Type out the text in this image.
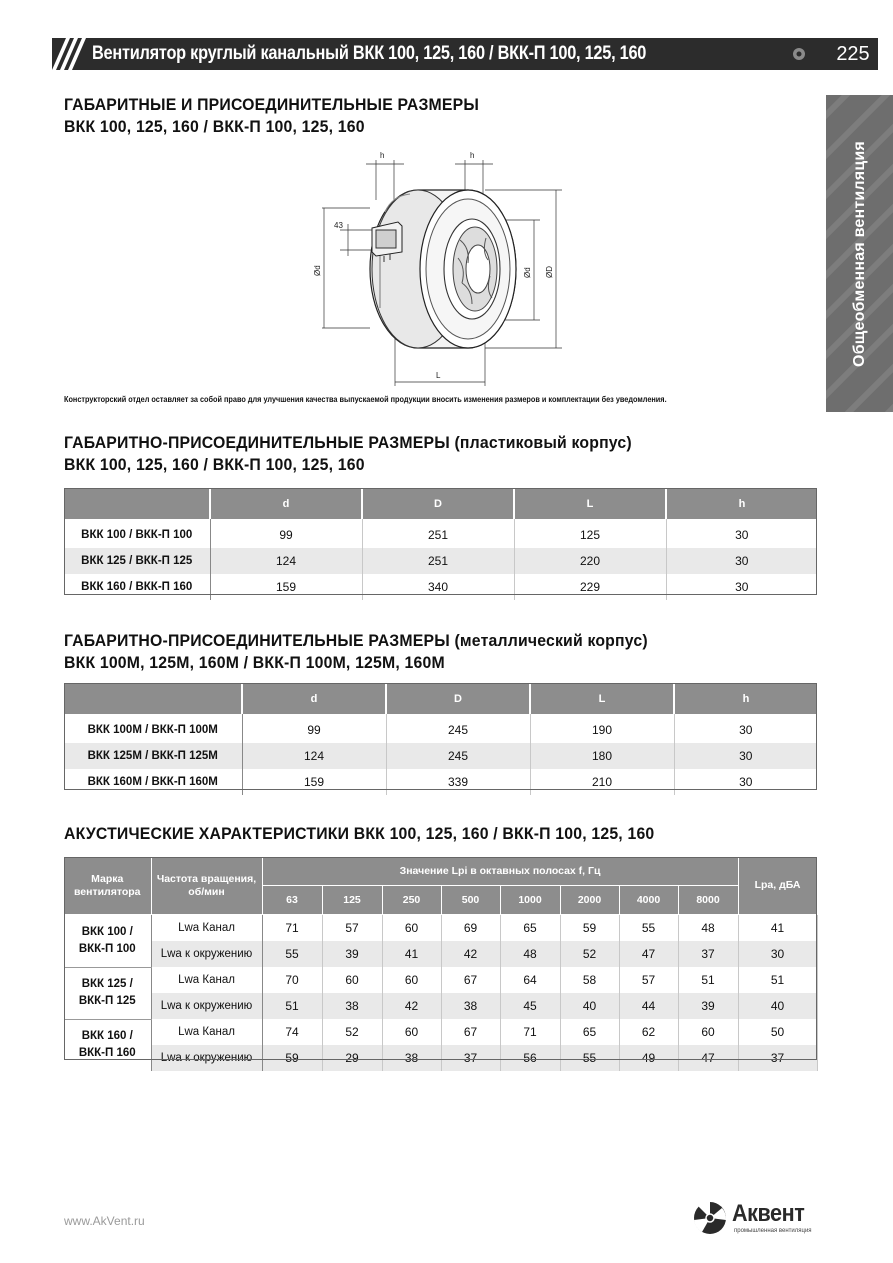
Вентилятор круглый канальный ВКК 100, 125, 160 / ВКК-П 100, 125, 160	225
Общеобменная вентиляция
ГАБАРИТНЫЕ И ПРИСОЕДИНИТЕЛЬНЫЕ РАЗМЕРЫ
ВКК 100, 125, 160 / ВКК-П 100, 125, 160
h	h
43
Ød	Ød ØD
L
Конструкторский отдел оставляет за собой право для улучшения качества выпускаемой продукции вносить изменения размеров и комплектации без уведомления.
ГАБАРИТНО-ПРИСОЕДИНИТЕЛЬНЫЕ РАЗМЕРЫ (пластиковый корпус)
ВКК 100, 125, 160 / ВКК-П 100, 125, 160
	d	D	L	h
ВКК 100 / ВКК-П 100	99	251	125	30
ВКК 125 / ВКК-П 125	124	251	220	30
ВКК 160 / ВКК-П 160	159	340	229	30
ГАБАРИТНО-ПРИСОЕДИНИТЕЛЬНЫЕ РАЗМЕРЫ (металлический корпус)
ВКК 100М, 125М, 160М / ВКК-П 100М, 125М, 160М
	d	D	L	h
ВКК 100М / ВКК-П 100М	99	245	190	30
ВКК 125М / ВКК-П 125М	124	245	180	30
ВКК 160М / ВКК-П 160М	159	339	210	30
АКУСТИЧЕСКИЕ ХАРАКТЕРИСТИКИ ВКК 100, 125, 160 / ВКК-П 100, 125, 160
Марка вентилятора	Частота вращения, об/мин	Значение Lpi в октавных полосах f, Гц								Lpa, дБА
		63	125	250	500	1000	2000	4000	8000	

ВКК 100 /
ВКК-П 100	Lwa Канал	71	57	60	69	65	59	55	48	41
	Lwa к окружению	55	39	41	42	48	52	47	37	30

ВКК 125 /
ВКК-П 125	Lwa Канал	70	60	60	67	64	58	57	51	51
	Lwa к окружению	51	38	42	38	45	40	44	39	40

ВКК 160 /
ВКК-П 160	Lwa Канал	74	52	60	67	71	65	62	60	50
	Lwa к окружению	59	29	38	37	56	55	49	47	37
www.AkVent.ru	Аквент
промышленная вентиляция
